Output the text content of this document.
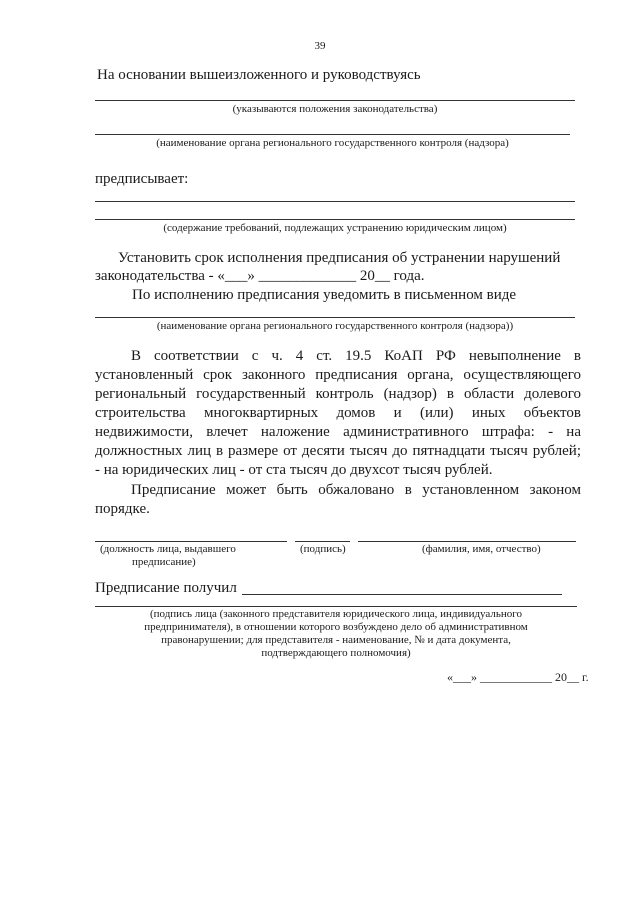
39
На основании вышеизложенного и руководствуясь
(указываются положения законодательства)
(наименование органа регионального государственного контроля (надзора)
предписывает:
(содержание требований, подлежащих устранению юридическим лицом)
Установить срок исполнения предписания об устранении нарушений
законодательства - «___» _____________ 20__ года.
По исполнению предписания уведомить в письменном виде
(наименование органа регионального государственного контроля (надзора))
В соответствии с ч. 4 ст. 19.5 КоАП РФ невыполнение в
установленный срок законного предписания органа, осуществляющего
региональный государственный контроль (надзор) в области долевого
строительства многоквартирных домов и (или) иных объектов
недвижимости, влечет наложение административного штрафа: - на
должностных лиц в размере от десяти тысяч до пятнадцати тысяч рублей;
- на юридических лиц - от ста тысяч до двухсот тысяч рублей.
Предписание может быть обжаловано в установленном законом
порядке.
(должность лица, выдавшего
предписание)
(подпись)	(фамилия, имя, отчество)
Предписание получил
(подпись лица (законного представителя юридического лица, индивидуального
предпринимателя), в отношении которого возбуждено дело об административном
правонарушении; для представителя - наименование, № и дата документа,
подтверждающего полномочия)
«___» ____________ 20__ г.
